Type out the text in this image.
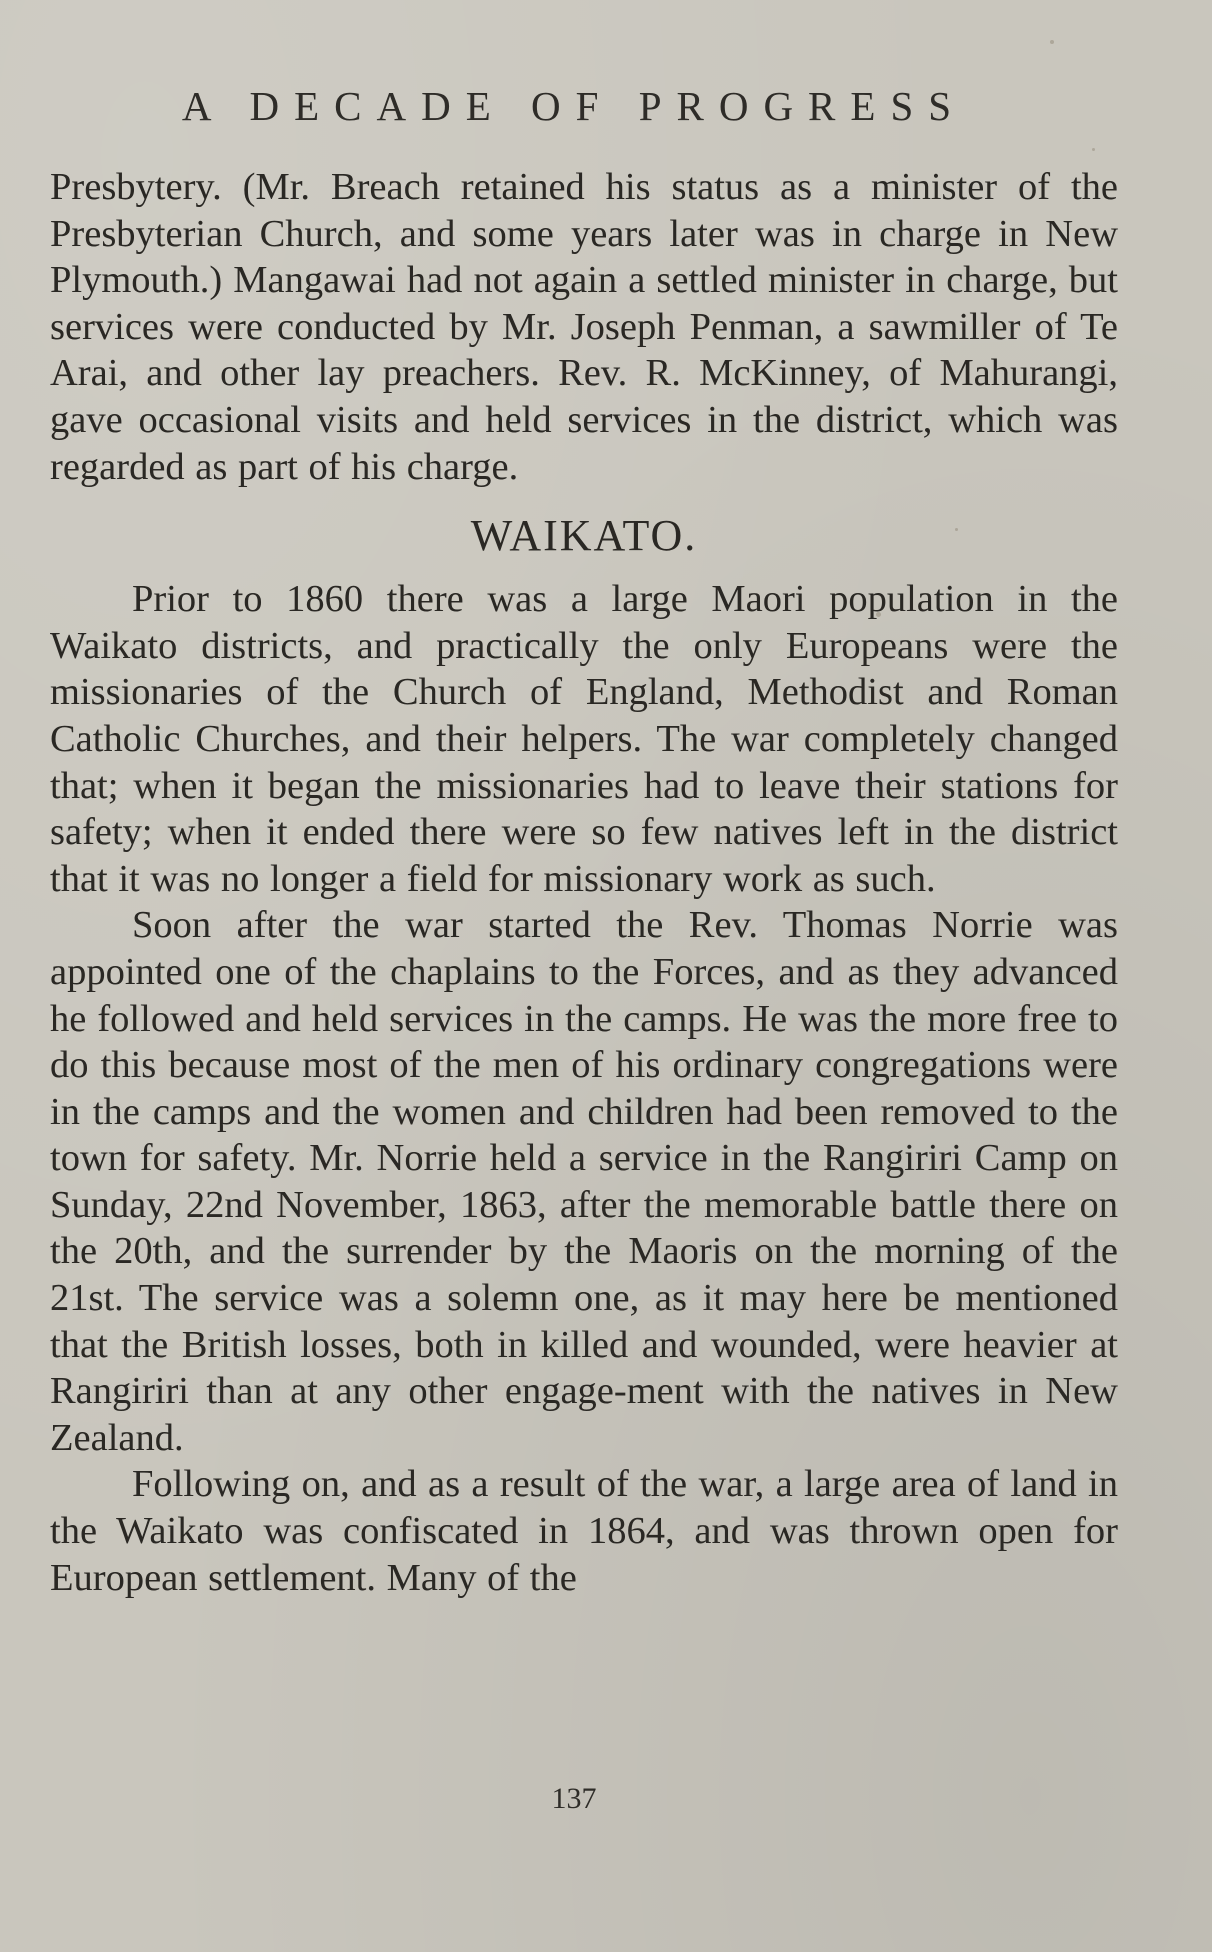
A DECADE OF PROGRESS

Presbytery. (Mr. Breach retained his status as a minister of the Presbyterian Church, and some years later was in charge in New Plymouth.) Mangawai had not again a settled minister in charge, but services were conducted by Mr. Joseph Penman, a sawmiller of Te Arai, and other lay preachers. Rev. R. McKinney, of Mahurangi, gave occasional visits and held services in the district, which was regarded as part of his charge.

WAIKATO.

Prior to 1860 there was a large Maori population in the Waikato districts, and practically the only Europeans were the missionaries of the Church of England, Methodist and Roman Catholic Churches, and their helpers. The war completely changed that; when it began the missionaries had to leave their stations for safety; when it ended there were so few natives left in the district that it was no longer a field for missionary work as such.

Soon after the war started the Rev. Thomas Norrie was appointed one of the chaplains to the Forces, and as they advanced he followed and held services in the camps. He was the more free to do this because most of the men of his ordinary congregations were in the camps and the women and children had been removed to the town for safety. Mr. Norrie held a service in the Rangiriri Camp on Sunday, 22nd November, 1863, after the memorable battle there on the 20th, and the surrender by the Maoris on the morning of the 21st. The service was a solemn one, as it may here be mentioned that the British losses, both in killed and wounded, were heavier at Rangiriri than at any other engage-ment with the natives in New Zealand.

Following on, and as a result of the war, a large area of land in the Waikato was confiscated in 1864, and was thrown open for European settlement. Many of the

137
